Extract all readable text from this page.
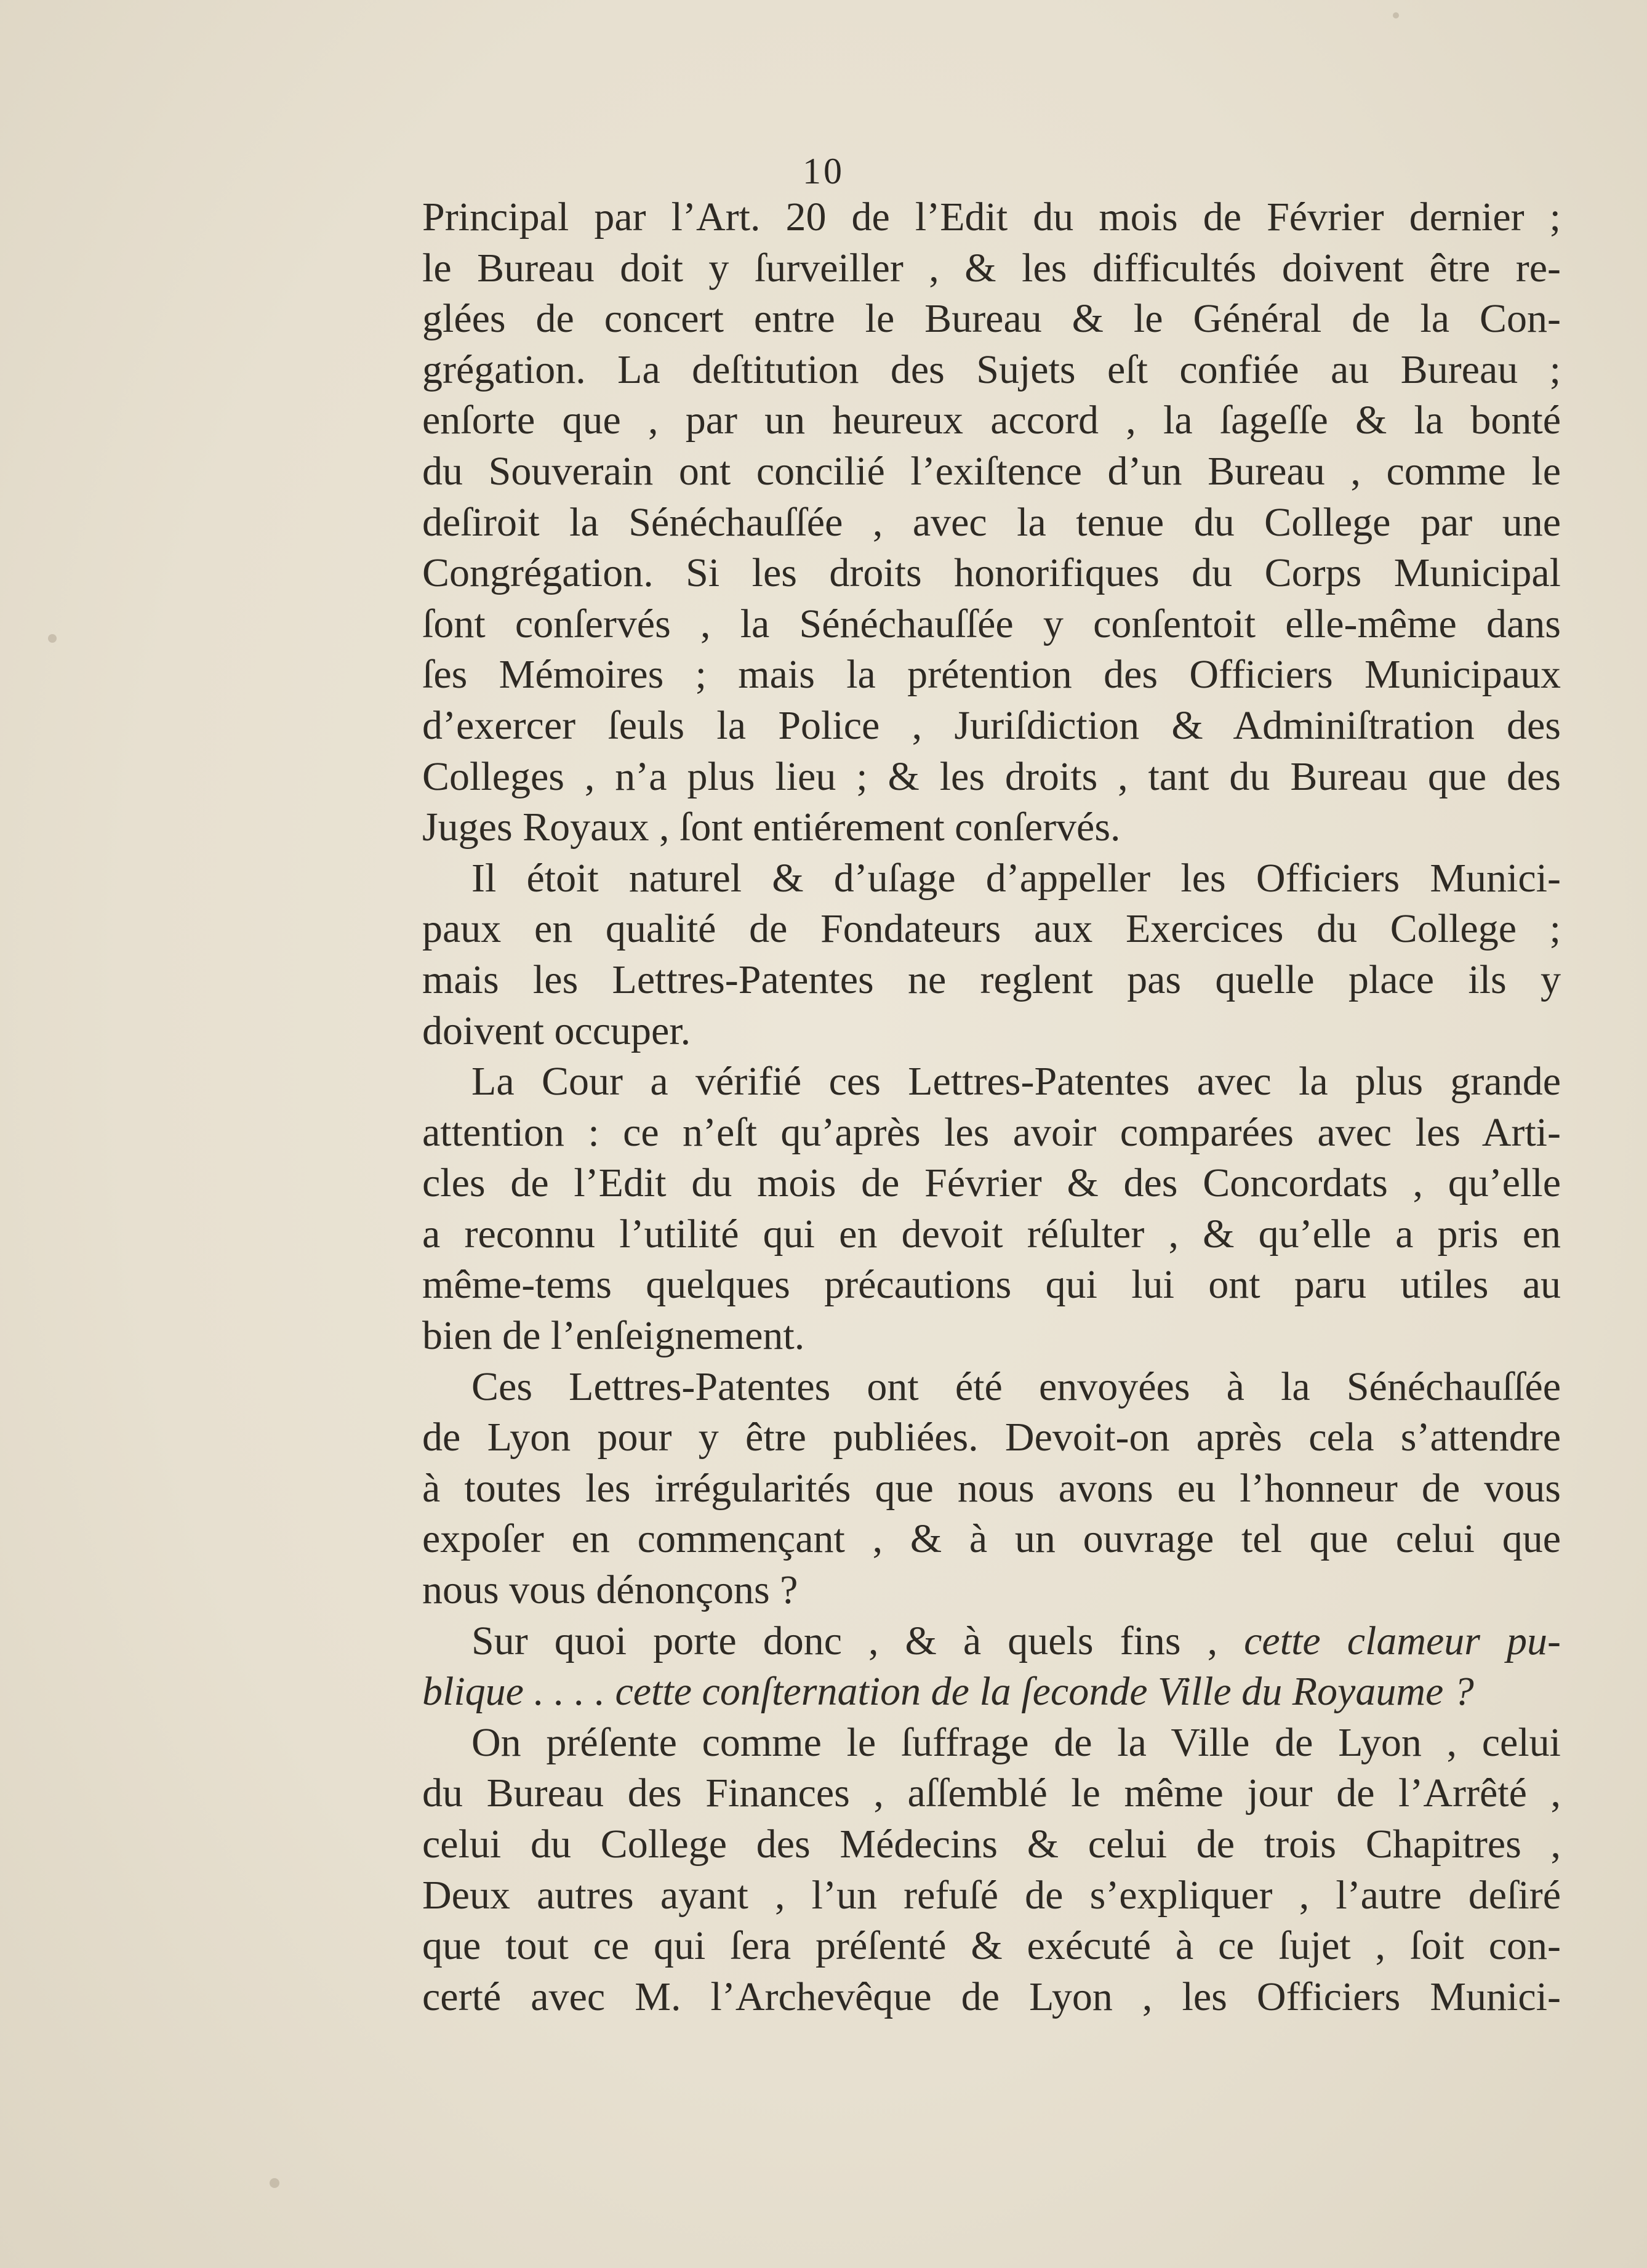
10
Principal par l’Art. 20 de l’Edit du mois de Février dernier ;
le Bureau doit y ſurveiller , & les difficultés doivent être re-
glées de concert entre le Bureau & le Général de la Con-
grégation. La deſtitution des Sujets eſt confiée au Bureau ;
enſorte que , par un heureux accord , la ſageſſe & la bonté
du Souverain ont concilié l’exiſtence d’un Bureau , comme le
deſiroit la Sénéchauſſée , avec la tenue du College par une
Congrégation. Si les droits honorifiques du Corps Municipal
ſont conſervés , la Sénéchauſſée y conſentoit elle-même dans
ſes Mémoires ; mais la prétention des Officiers Municipaux
d’exercer ſeuls la Police , Juriſdiction & Adminiſtration des
Colleges , n’a plus lieu ; & les droits , tant du Bureau que des
Juges Royaux , ſont entiérement conſervés.
Il étoit naturel & d’uſage d’appeller les Officiers Munici-
paux en qualité de Fondateurs aux Exercices du College ;
mais les Lettres-Patentes ne reglent pas quelle place ils y
doivent occuper.
La Cour a vérifié ces Lettres-Patentes avec la plus grande
attention : ce n’eſt qu’après les avoir comparées avec les Arti-
cles de l’Edit du mois de Février & des Concordats , qu’elle
a reconnu l’utilité qui en devoit réſulter , & qu’elle a pris en
même-tems quelques précautions qui lui ont paru utiles au
bien de l’enſeignement.
Ces Lettres-Patentes ont été envoyées à la Sénéchauſſée
de Lyon pour y être publiées. Devoit-on après cela s’attendre
à toutes les irrégularités que nous avons eu l’honneur de vous
expoſer en commençant , & à un ouvrage tel que celui que
nous vous dénonçons ?
Sur quoi porte donc , & à quels fins , cette clameur pu-
blique . . . . cette conſternation de la ſeconde Ville du Royaume ?
On préſente comme le ſuffrage de la Ville de Lyon , celui
du Bureau des Finances , aſſemblé le même jour de l’Arrêté ,
celui du College des Médecins & celui de trois Chapitres ,
Deux autres ayant , l’un refuſé de s’expliquer , l’autre deſiré
que tout ce qui ſera préſenté & exécuté à ce ſujet , ſoit con-
certé avec M. l’Archevêque de Lyon , les Officiers Munici-
